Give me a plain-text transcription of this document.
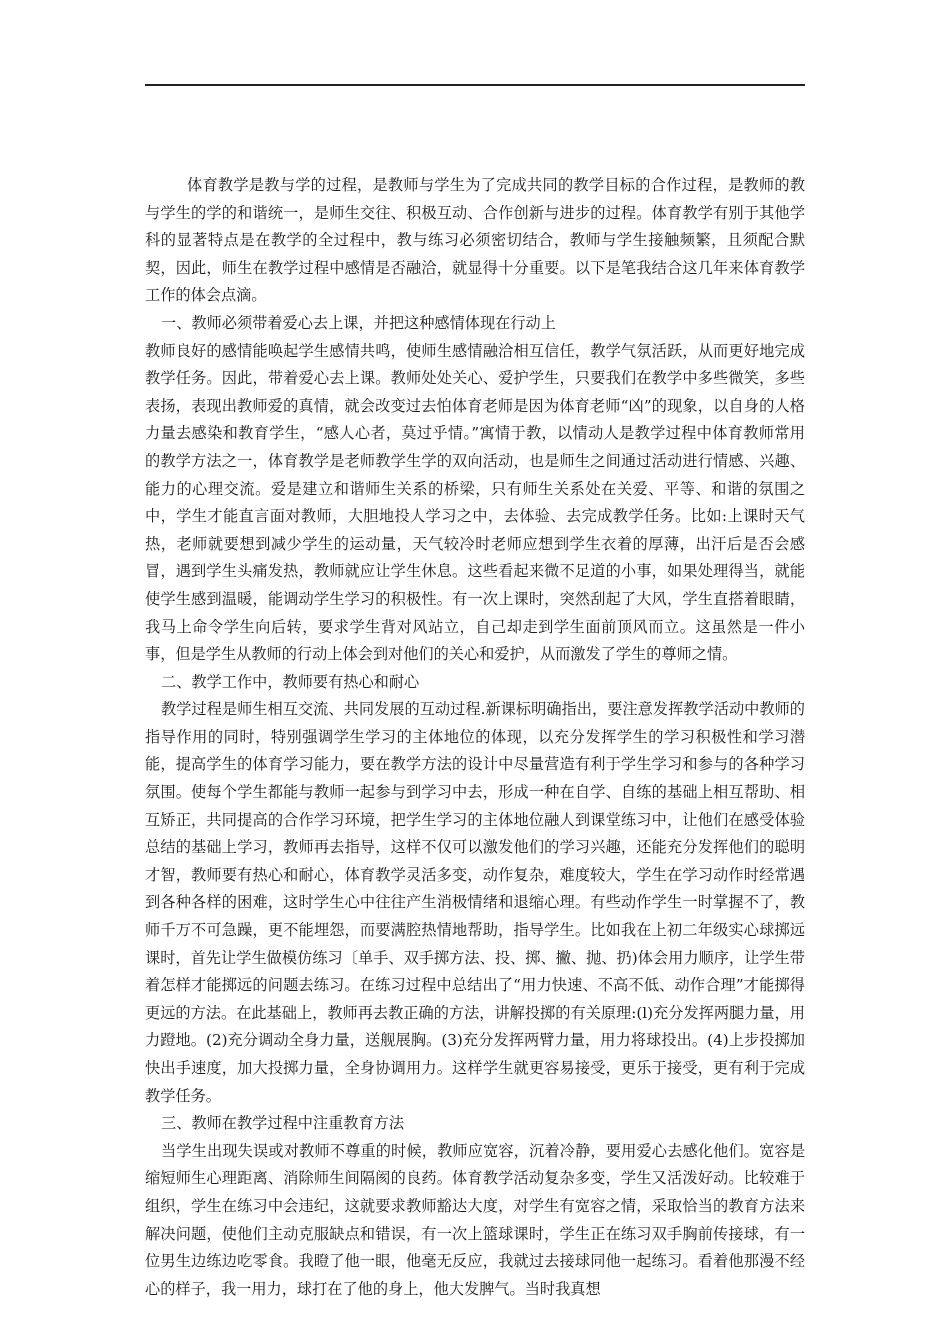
体育教学是教与学的过程，是教师与学生为了完成共同的教学目标的合作过程，是教师的教与学生的学的和谐统一，是师生交往、积极互动、合作创新与进步的过程。体育教学有别于其他学科的显著特点是在教学的全过程中，教与练习必须密切结合，教师与学生接触频繁，且须配合默契，因此，师生在教学过程中感情是否融洽，就显得十分重要。以下是笔我结合这几年来体育教学工作的体会点滴。

一、教师必须带着爱心去上课，并把这种感情体现在行动上

教师良好的感情能唤起学生感情共鸣，使师生感情融洽相互信任，教学气氛活跃，从而更好地完成教学任务。因此，带着爱心去上课。教师处处关心、爱护学生，只要我们在教学中多些微笑，多些表扬，表现出教师爱的真情，就会改变过去怕体育老师是因为体育老师“凶”的现象，以自身的人格力量去感染和教育学生，“感人心者，莫过乎情。”寓情于教，以情动人是教学过程中体育教师常用的教学方法之一，体育教学是老师教学生学的双向活动，也是师生之间通过活动进行情感、兴趣、能力的心理交流。爱是建立和谐师生关系的桥梁，只有师生关系处在关爱、平等、和谐的氛围之中，学生才能直言面对教师，大胆地投人学习之中，去体验、去完成教学任务。比如:上课时天气热，老师就要想到减少学生的运动量，天气较冷时老师应想到学生衣着的厚薄，出汗后是否会感冒，遇到学生头痛发热，教师就应让学生休息。这些看起来微不足道的小事，如果处理得当，就能使学生感到温暖，能调动学生学习的积极性。有一次上课时，突然刮起了大风，学生直搭着眼睛，我马上命令学生向后转，要求学生背对风站立，自己却走到学生面前顶风而立。这虽然是一件小事，但是学生从教师的行动上体会到对他们的关心和爱护，从而激发了学生的尊师之情。

二、教学工作中，教师要有热心和耐心

教学过程是师生相互交流、共同发展的互动过程.新课标明确指出，要注意发挥教学活动中教师的指导作用的同时，特别强调学生学习的主体地位的体现，以充分发挥学生的学习积极性和学习潜能，提高学生的体育学习能力，要在教学方法的设计中尽量营造有利于学生学习和参与的各种学习氛围。使每个学生都能与教师一起参与到学习中去，形成一种在自学、自练的基础上相互帮助、相互矫正，共同提高的合作学习环境，把学生学习的主体地位融人到课堂练习中，让他们在感受体验总结的基础上学习，教师再去指导，这样不仅可以激发他们的学习兴趣，还能充分发挥他们的聪明才智，教师要有热心和耐心，体育教学灵活多变，动作复杂，难度较大，学生在学习动作时经常遇到各种各样的困难，这时学生心中往往产生消极情绪和退缩心理。有些动作学生一时掌握不了，教师千万不可急躁，更不能埋怨，而要满腔热情地帮助，指导学生。比如我在上初二年级实心球掷远课时，首先让学生做模仿练习〔单手、双手掷方法、投、掷、撇、抛、扔)体会用力顺序，让学生带着怎样才能掷远的问题去练习。在练习过程中总结出了“用力快速、不高不低、动作合理”才能掷得更远的方法。在此基础上，教师再去教正确的方法，讲解投掷的有关原理:(l)充分发挥两腿力量，用力蹬地。(2)充分调动全身力量，送舰展胸。(3)充分发挥两臂力量，用力将球投出。(4)上步投掷加快出手速度，加大投掷力量，全身协调用力。这样学生就更容易接受，更乐于接受，更有利于完成教学任务。

三、教师在教学过程中注重教育方法

当学生出现失误或对教师不尊重的时候，教师应宽容，沉着冷静，要用爱心去感化他们。宽容是缩短师生心理距离、消除师生间隔阂的良药。体育教学活动复杂多变，学生又活泼好动。比较难于组织，学生在练习中会违纪，这就要求教师豁达大度，对学生有宽容之情，采取恰当的教育方法来解决问题，使他们主动克服缺点和错误，有一次上篮球课时，学生正在练习双手胸前传接球，有一位男生边练边吃零食。我瞪了他一眼，他毫无反应，我就过去接球同他一起练习。看着他那漫不经心的样子，我一用力，球打在了他的身上，他大发脾气。当时我真想
